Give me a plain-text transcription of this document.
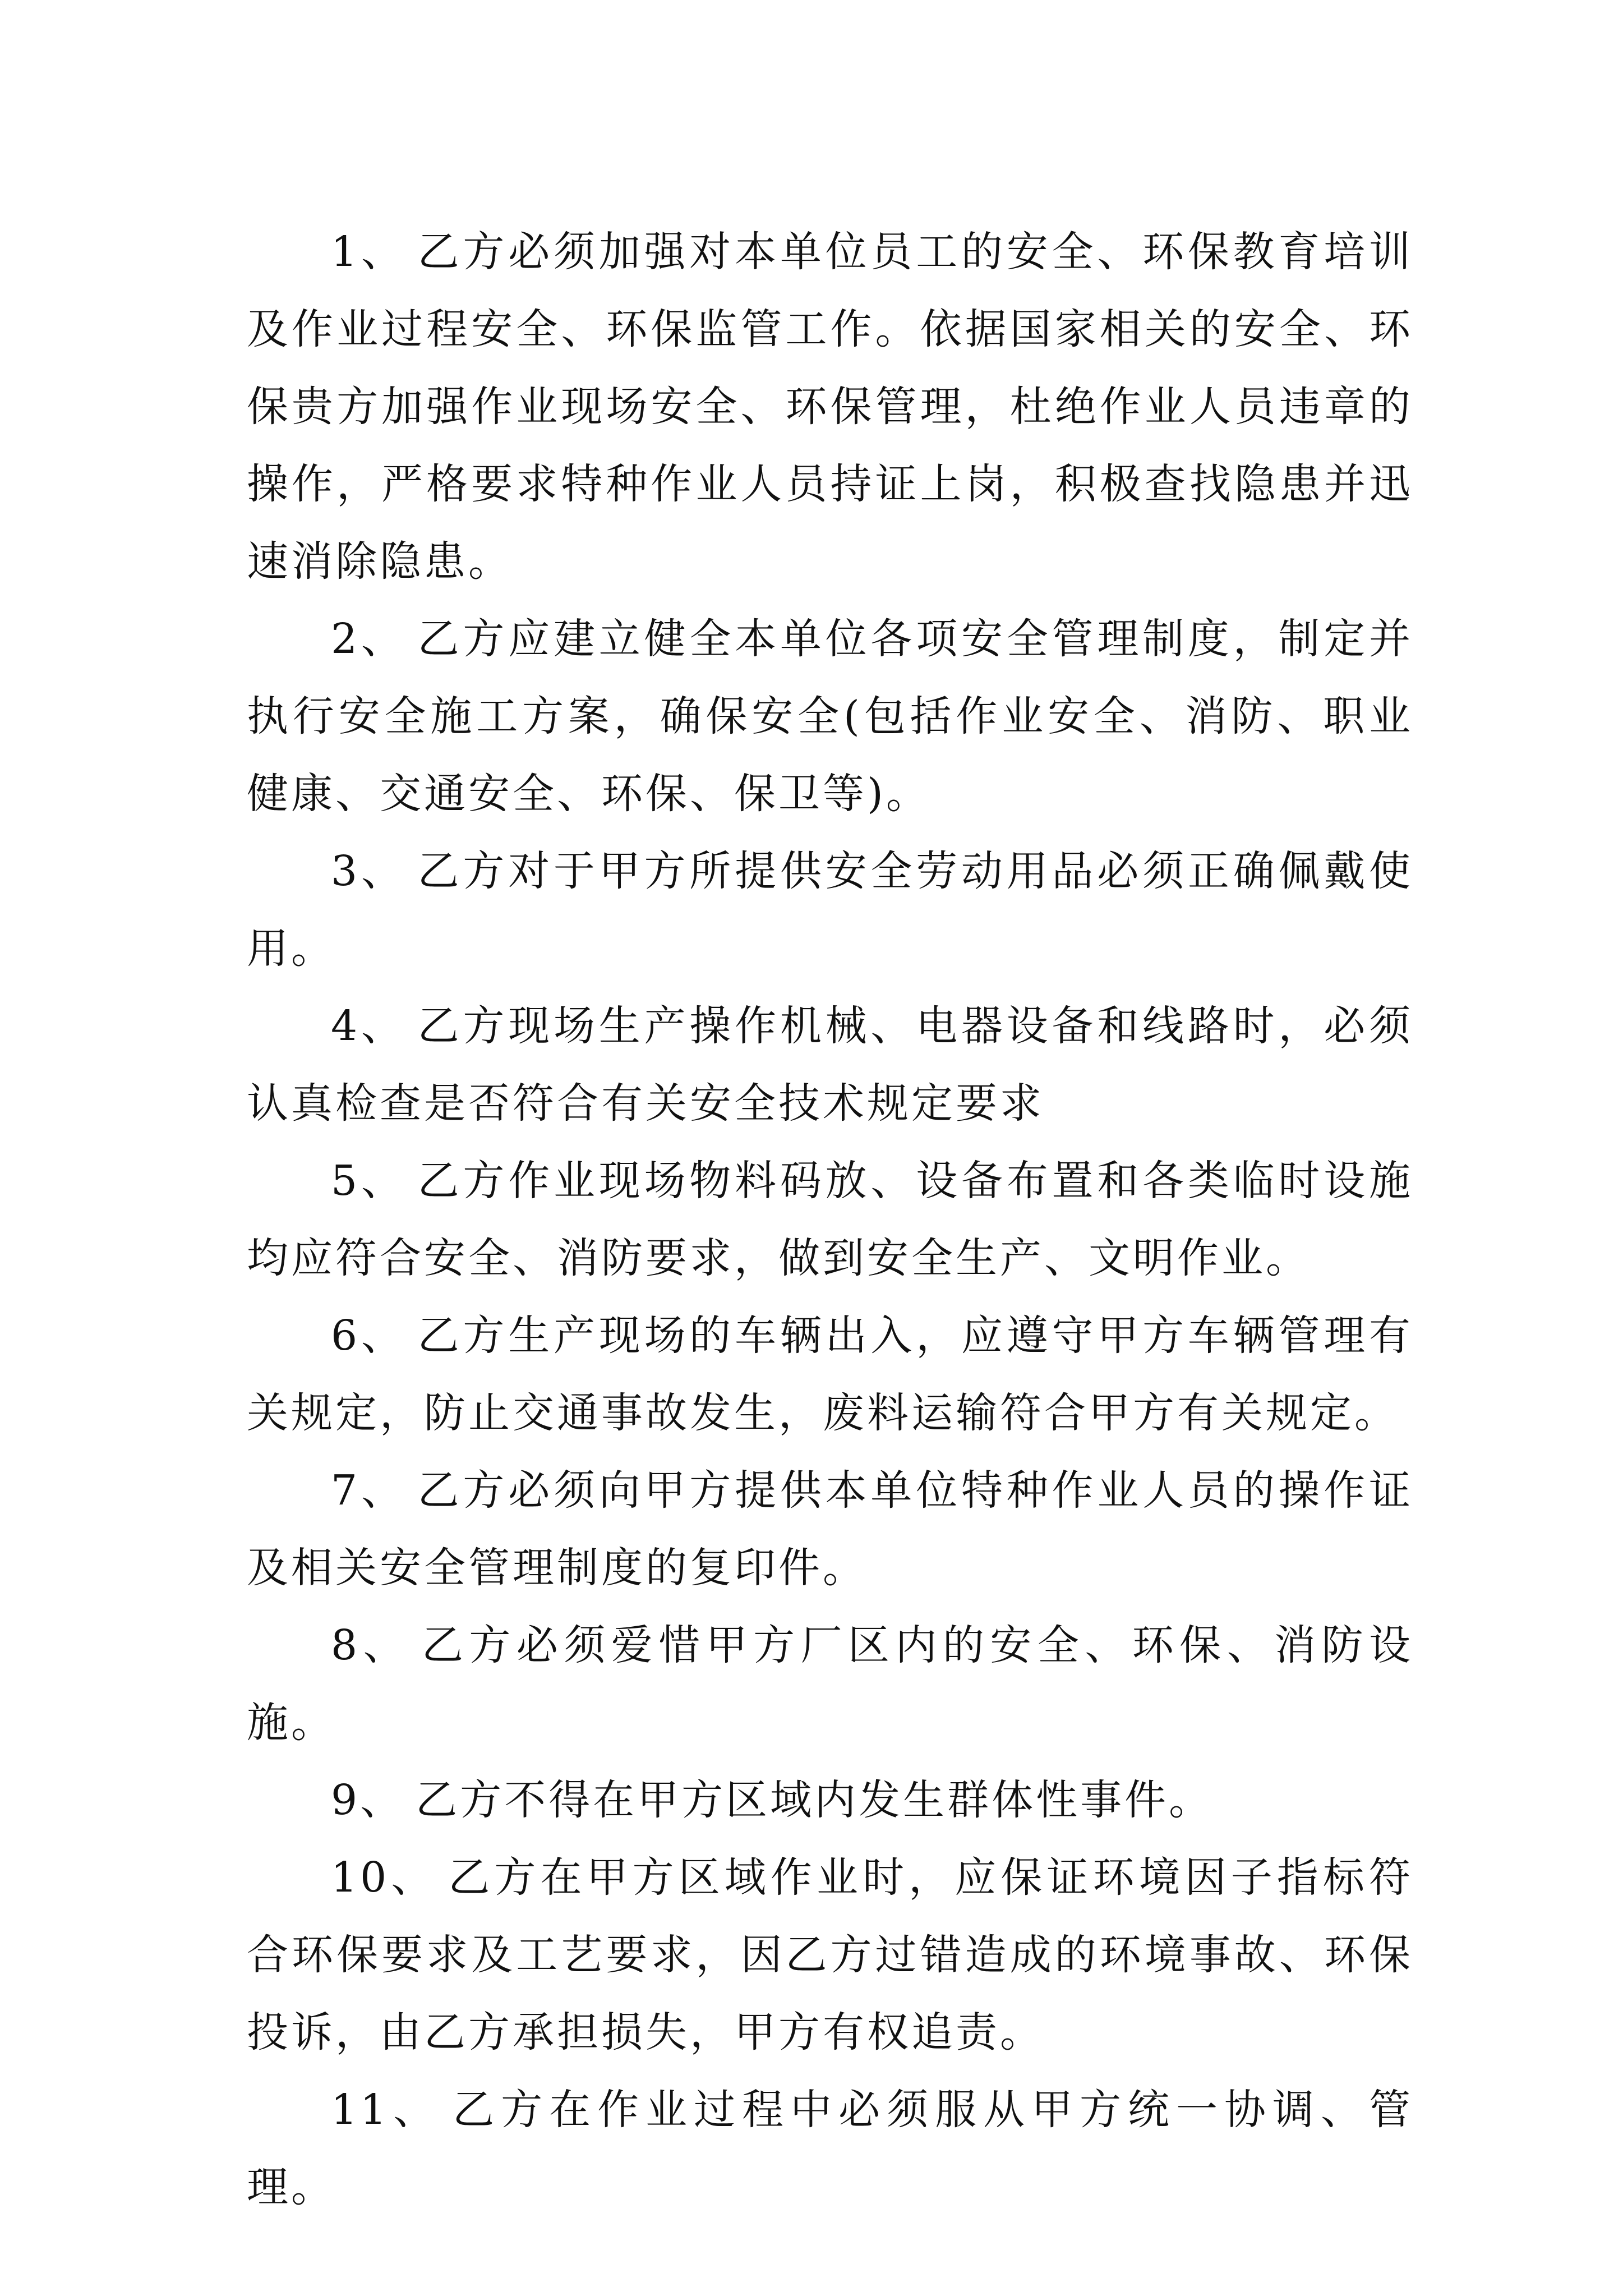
1、 乙方必须加强对本单位员工的安全、环保教育培训及作业过程安全、环保监管工作。依据国家相关的安全、环保贵方加强作业现场安全、环保管理，杜绝作业人员违章的操作，严格要求特种作业人员持证上岗，积极查找隐患并迅速消除隐患。

2、 乙方应建立健全本单位各项安全管理制度，制定并执行安全施工方案，确保安全(包括作业安全、消防、职业健康、交通安全、环保、保卫等)。

3、 乙方对于甲方所提供安全劳动用品必须正确佩戴使用。

4、 乙方现场生产操作机械、电器设备和线路时，必须认真检查是否符合有关安全技术规定要求

5、 乙方作业现场物料码放、设备布置和各类临时设施均应符合安全、消防要求，做到安全生产、文明作业。

6、 乙方生产现场的车辆出入，应遵守甲方车辆管理有关规定，防止交通事故发生，废料运输符合甲方有关规定。

7、 乙方必须向甲方提供本单位特种作业人员的操作证及相关安全管理制度的复印件。

8、 乙方必须爱惜甲方厂区内的安全、环保、消防设施。

9、 乙方不得在甲方区域内发生群体性事件。

10、 乙方在甲方区域作业时，应保证环境因子指标符合环保要求及工艺要求，因乙方过错造成的环境事故、环保投诉，由乙方承担损失，甲方有权追责。

11、 乙方在作业过程中必须服从甲方统一协调、管理。
